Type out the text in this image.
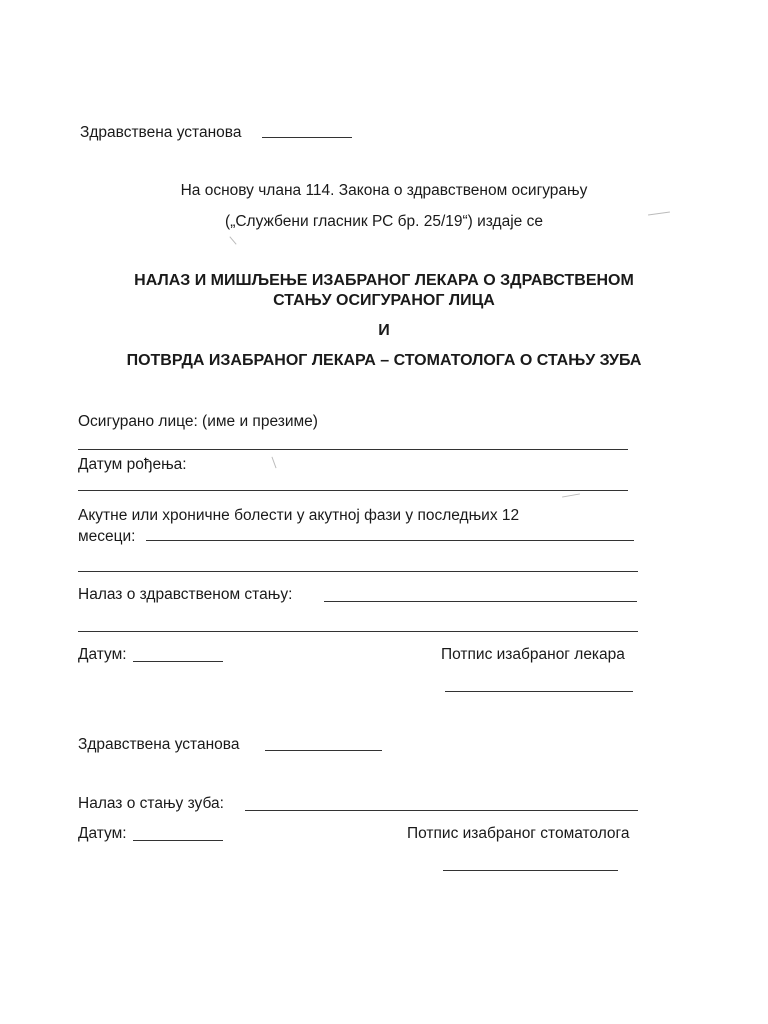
Здравствена установа
На основу члана 114. Закона о здравственом осигурању
(„Службени гласник РС бр. 25/19“) издаје се
НАЛАЗ И МИШЉЕЊЕ ИЗАБРАНОГ ЛЕКАРА О ЗДРАВСТВЕНОМ
СТАЊУ ОСИГУРАНОГ ЛИЦА
И
ПОТВРДА ИЗАБРАНОГ ЛЕКАРА – СТОМАТОЛОГА О СТАЊУ ЗУБА
Осигурано лице: (име и презиме)
Датум рођења:
Акутне или хроничне болести у акутној фази у последњих 12
месеци:
Налаз о здравственом стању:
Датум:	Потпис изабраног лекара
Здравствена установа
Налаз о стању зуба:
Датум:	Потпис изабраног стоматолога
